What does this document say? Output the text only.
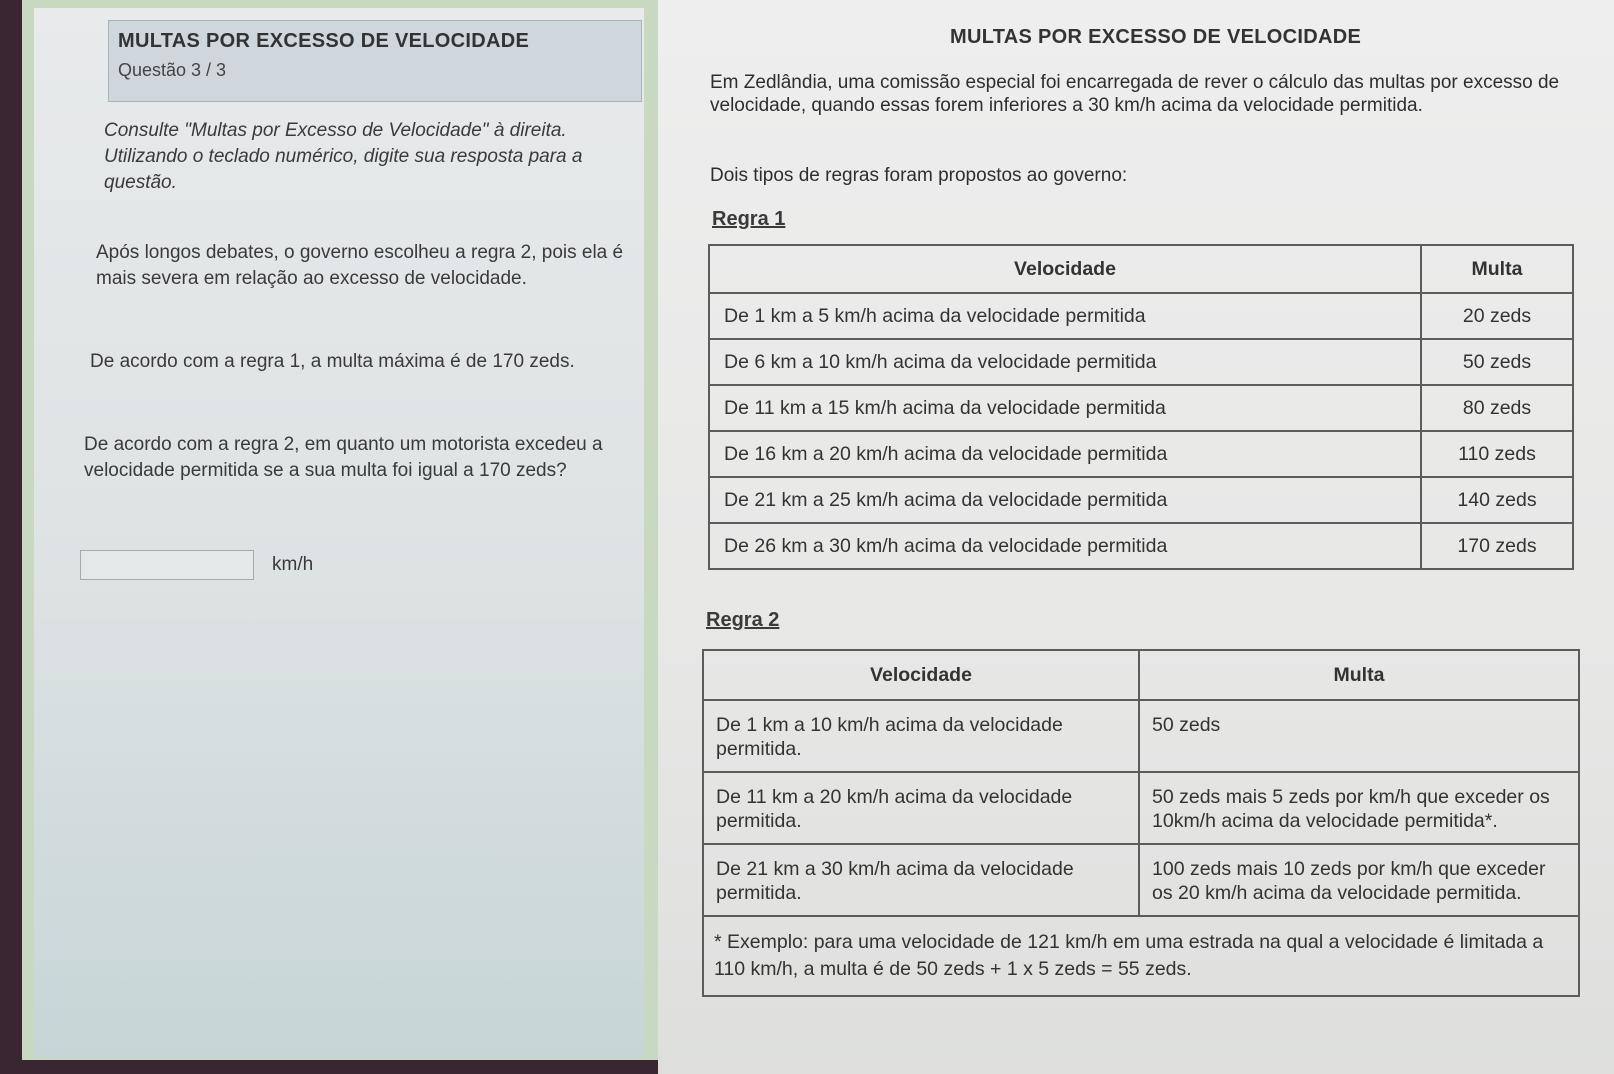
MULTAS POR EXCESSO DE VELOCIDADE
Questão 3 / 3

Consulte "Multas por Excesso de Velocidade" à direita. Utilizando o teclado numérico, digite sua resposta para a questão.

Após longos debates, o governo escolheu a regra 2, pois ela é mais severa em relação ao excesso de velocidade.

De acordo com a regra 1, a multa máxima é de 170 zeds.

De acordo com a regra 2, em quanto um motorista excedeu a velocidade permitida se a sua multa foi igual a 170 zeds?

km/h
MULTAS POR EXCESSO DE VELOCIDADE

Em Zedlândia, uma comissão especial foi encarregada de rever o cálculo das multas por excesso de velocidade, quando essas forem inferiores a 30 km/h acima da velocidade permitida.

Dois tipos de regras foram propostos ao governo:

Regra 1
Velocidade	Multa
De 1 km a 5 km/h acima da velocidade permitida	20 zeds
De 6 km a 10 km/h acima da velocidade permitida	50 zeds
De 11 km a 15 km/h acima da velocidade permitida	80 zeds
De 16 km a 20 km/h acima da velocidade permitida	110 zeds
De 21 km a 25 km/h acima da velocidade permitida	140 zeds
De 26 km a 30 km/h acima da velocidade permitida	170 zeds
Regra 2
Velocidade	Multa
De 1 km a 10 km/h acima da velocidade permitida.	50 zeds
De 11 km a 20 km/h acima da velocidade permitida.	50 zeds mais 5 zeds por km/h que exceder os 10km/h acima da velocidade permitida*.
De 21 km a 30 km/h acima da velocidade permitida.	100 zeds mais 10 zeds por km/h que exceder os 20 km/h acima da velocidade permitida.
* Exemplo: para uma velocidade de 121 km/h em uma estrada na qual a velocidade é limitada a 110 km/h, a multa é de 50 zeds + 1 x 5 zeds = 55 zeds.	
